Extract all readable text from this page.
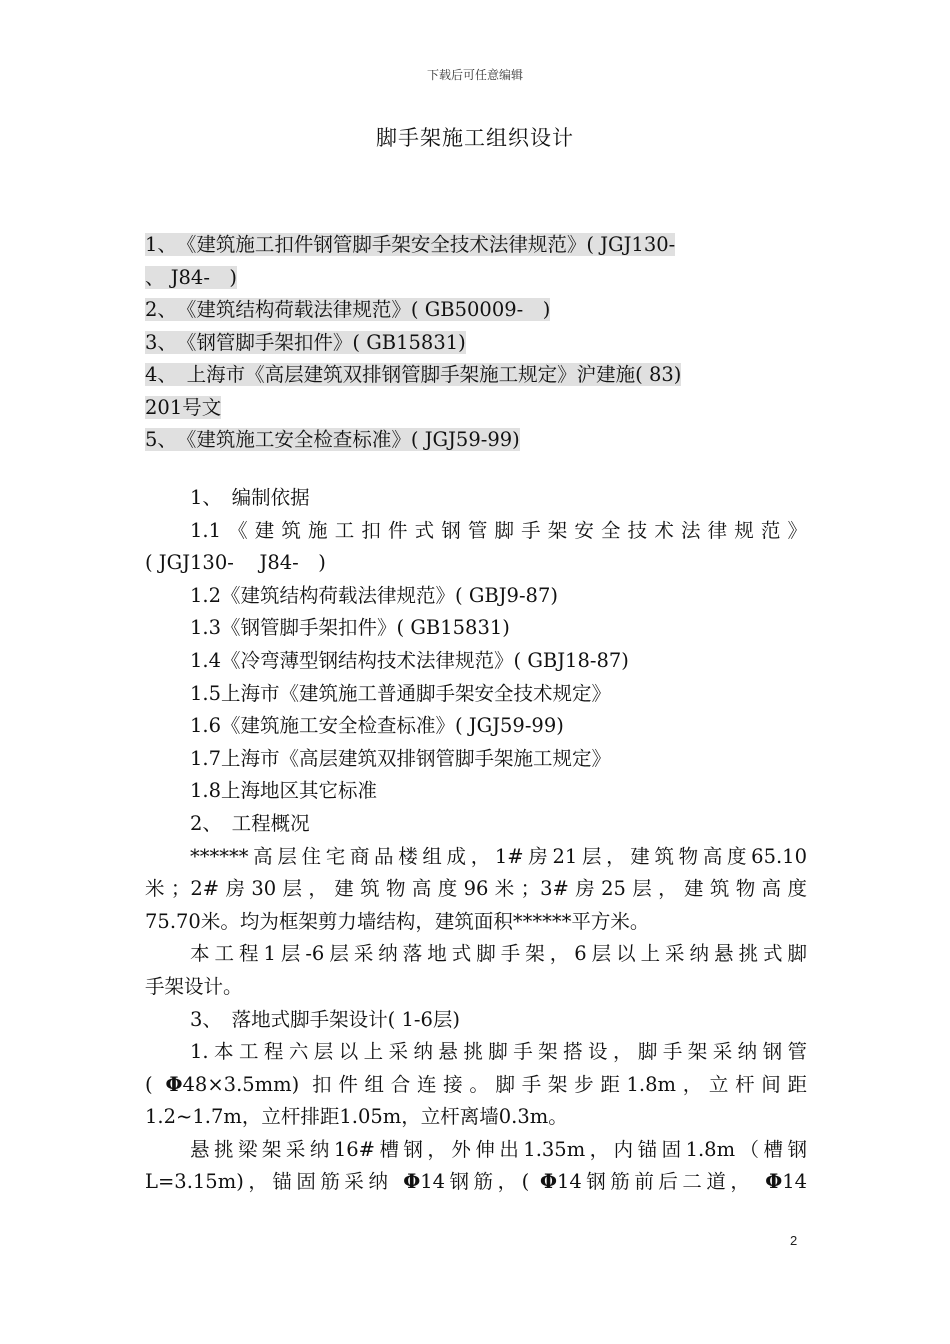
下载后可任意编辑
脚手架施工组织设计
1、　《建筑施工扣件钢管脚手架安全技术法律规范》( JGJ130-
、 J84-　)
2、　《建筑结构荷载法律规范》( GB50009-　)
3、　《钢管脚手架扣件》( GB15831)
4、　上海市《高层建筑双排钢管脚手架施工规定》沪建施( 83)
201号文
5、　《建筑施工安全检查标准》( JGJ59-99)

1、　编制依据

1.1《建筑施工扣件式钢管脚手架安全技术法律规范》

( JGJ130-　 J84-　)

1.2《建筑结构荷载法律规范》( GBJ9-87)

1.3《钢管脚手架扣件》( GB15831)

1.4《冷弯薄型钢结构技术法律规范》( GBJ18-87)

1.5上海市《建筑施工普通脚手架安全技术规定》

1.6《建筑施工安全检查标准》( JGJ59-99)

1.7上海市《高层建筑双排钢管脚手架施工规定》

1.8上海地区其它标准

2、　工程概况

******高层住宅商品楼组成，1#房21层，建筑物高度65.10

米；2#房30层，建筑物高度96米；3#房25层，建筑物高度

75.70米。均为框架剪力墙结构，建筑面积******平方米。

本工程1层-6层采纳落地式脚手架，6层以上采纳悬挑式脚

手架设计。

3、　落地式脚手架设计( 1-6层)

1.本工程六层以上采纳悬挑脚手架搭设，脚手架采纳钢管

( Φ48×3.5mm) 扣件组合连接。脚手架步距1.8m，立杆间距

1.2~1.7m，立杆排距1.05m，立杆离墙0.3m。

悬挑梁架采纳16#槽钢，外伸出1.35m，内锚固1.8m（槽钢

L=3.15m)，锚固筋采纳 Φ14钢筋，( Φ14钢筋前后二道， Φ14

2
